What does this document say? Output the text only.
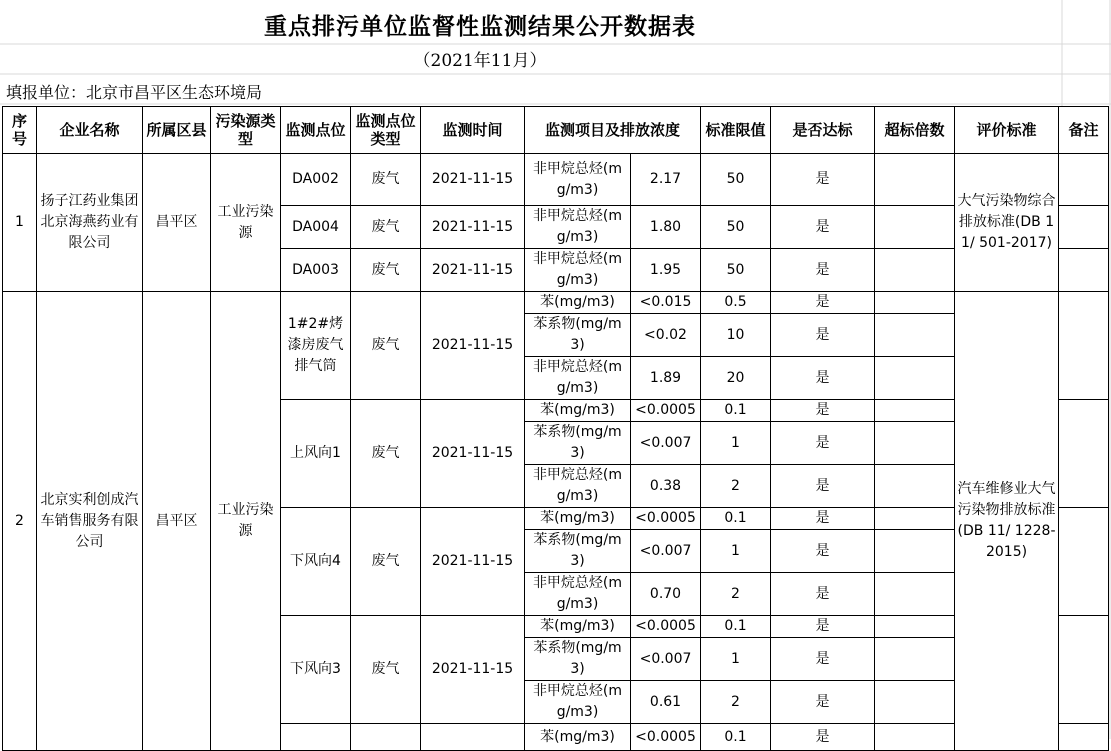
重点排污单位监督性监测结果公开数据表
（2021年11月）
填报单位：北京市昌平区生态环境局
序号	企业名称	所属区县	污染源类型	监测点位	监测点位类型	监测时间	监测项目及排放浓度		标准限值	是否达标	超标倍数	评价标准	备注
1	扬子江药业集团北京海燕药业有限公司	昌平区	工业污染源	DA002	废气	2021-11-15	非甲烷总烃(mg/m3)	2.17	50	是		大气污染物综合排放标准(DB 11/ 501-2017)	
				DA004	废气	2021-11-15	非甲烷总烃(mg/m3)	1.80	50	是			
				DA003	废气	2021-11-15	非甲烷总烃(mg/m3)	1.95	50	是			
2	北京实利创成汽车销售服务有限公司	昌平区	工业污染源	1#2#烤漆房废气排气筒	废气	2021-11-15	苯(mg/m3)	<0.015	0.5	是		汽车维修业大气污染物排放标准(DB 11/ 1228-2015)	
							苯系物(mg/m3)	<0.02	10	是			
							非甲烷总烃(mg/m3)	1.89	20	是			
				上风向1	废气	2021-11-15	苯(mg/m3)	<0.0005	0.1	是			
							苯系物(mg/m3)	<0.007	1	是			
							非甲烷总烃(mg/m3)	0.38	2	是			
				下风向4	废气	2021-11-15	苯(mg/m3)	<0.0005	0.1	是			
							苯系物(mg/m3)	<0.007	1	是			
							非甲烷总烃(mg/m3)	0.70	2	是			
				下风向3	废气	2021-11-15	苯(mg/m3)	<0.0005	0.1	是			
							苯系物(mg/m3)	<0.007	1	是			
							非甲烷总烃(mg/m3)	0.61	2	是			
							苯(mg/m3)	<0.0005	0.1	是			
